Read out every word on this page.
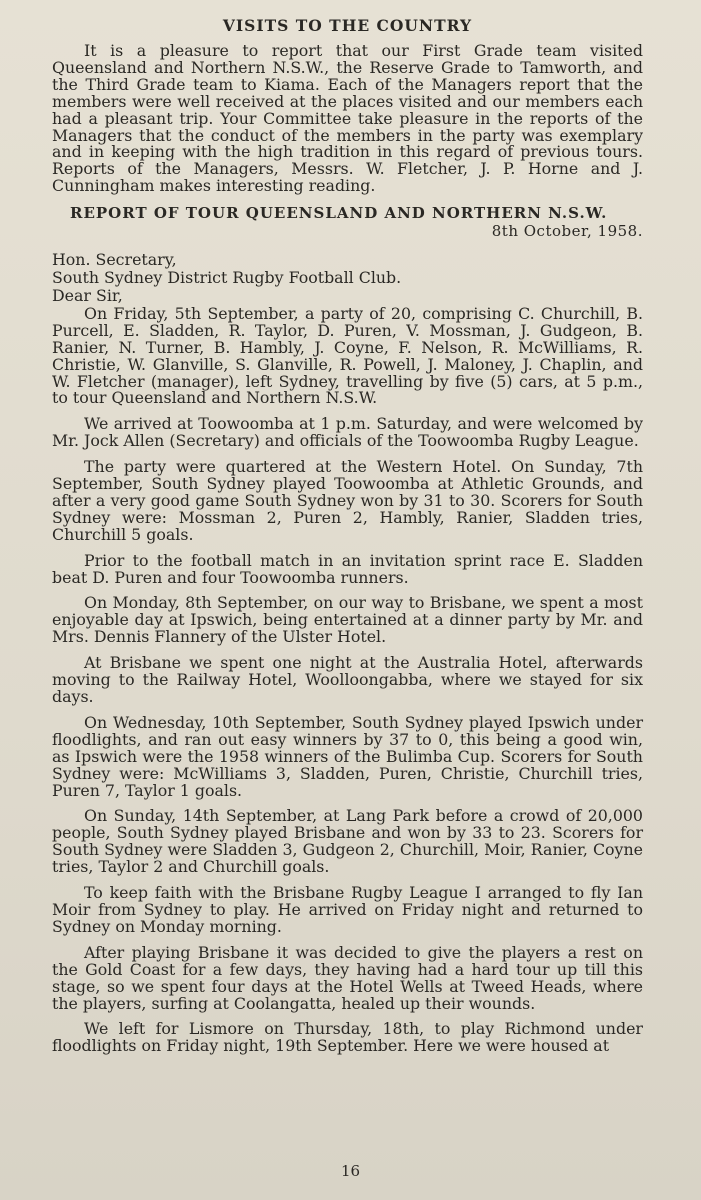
VISITS TO THE COUNTRY

It is a pleasure to report that our First Grade team visited Queensland and Northern N.S.W., the Reserve Grade to Tamworth, and the Third Grade team to Kiama. Each of the Managers report that the members were well received at the places visited and our members each had a pleasant trip. Your Committee take pleasure in the reports of the Managers that the conduct of the members in the party was exemplary and in keeping with the high tradition in this regard of previous tours. Reports of the Managers, Messrs. W. Fletcher, J. P. Horne and J. Cunningham makes interesting reading.

REPORT OF TOUR QUEENSLAND AND NORTHERN N.S.W.
8th October, 1958.

Hon. Secretary,

South Sydney District Rugby Football Club.

Dear Sir,

On Friday, 5th September, a party of 20, comprising C. Churchill, B. Purcell, E. Sladden, R. Taylor, D. Puren, V. Mossman, J. Gudgeon, B. Ranier, N. Turner, B. Hambly, J. Coyne, F. Nelson, R. McWilliams, R. Christie, W. Glanville, S. Glanville, R. Powell, J. Maloney, J. Chaplin, and W. Fletcher (manager), left Sydney, travelling by five (5) cars, at 5 p.m., to tour Queensland and Northern N.S.W.

We arrived at Toowoomba at 1 p.m. Saturday, and were welcomed by Mr. Jock Allen (Secretary) and officials of the Toowoomba Rugby League.

The party were quartered at the Western Hotel. On Sunday, 7th September, South Sydney played Toowoomba at Athletic Grounds, and after a very good game South Sydney won by 31 to 30. Scorers for South Sydney were: Mossman 2, Puren 2, Hambly, Ranier, Sladden tries, Churchill 5 goals.

Prior to the football match in an invitation sprint race E. Sladden beat D. Puren and four Toowoomba runners.

On Monday, 8th September, on our way to Brisbane, we spent a most enjoyable day at Ipswich, being entertained at a dinner party by Mr. and Mrs. Dennis Flannery of the Ulster Hotel.

At Brisbane we spent one night at the Australia Hotel, afterwards moving to the Railway Hotel, Woolloongabba, where we stayed for six days.

On Wednesday, 10th September, South Sydney played Ipswich under floodlights, and ran out easy winners by 37 to 0, this being a good win, as Ipswich were the 1958 winners of the Bulimba Cup. Scorers for South Sydney were: McWilliams 3, Sladden, Puren, Christie, Churchill tries, Puren 7, Taylor 1 goals.

On Sunday, 14th September, at Lang Park before a crowd of 20,000 people, South Sydney played Brisbane and won by 33 to 23. Scorers for South Sydney were Sladden 3, Gudgeon 2, Churchill, Moir, Ranier, Coyne tries, Taylor 2 and Churchill goals.

To keep faith with the Brisbane Rugby League I arranged to fly Ian Moir from Sydney to play. He arrived on Friday night and returned to Sydney on Monday morning.

After playing Brisbane it was decided to give the players a rest on the Gold Coast for a few days, they having had a hard tour up till this stage, so we spent four days at the Hotel Wells at Tweed Heads, where the players, surfing at Coolangatta, healed up their wounds.

We left for Lismore on Thursday, 18th, to play Richmond under floodlights on Friday night, 19th September. Here we were housed at

16
